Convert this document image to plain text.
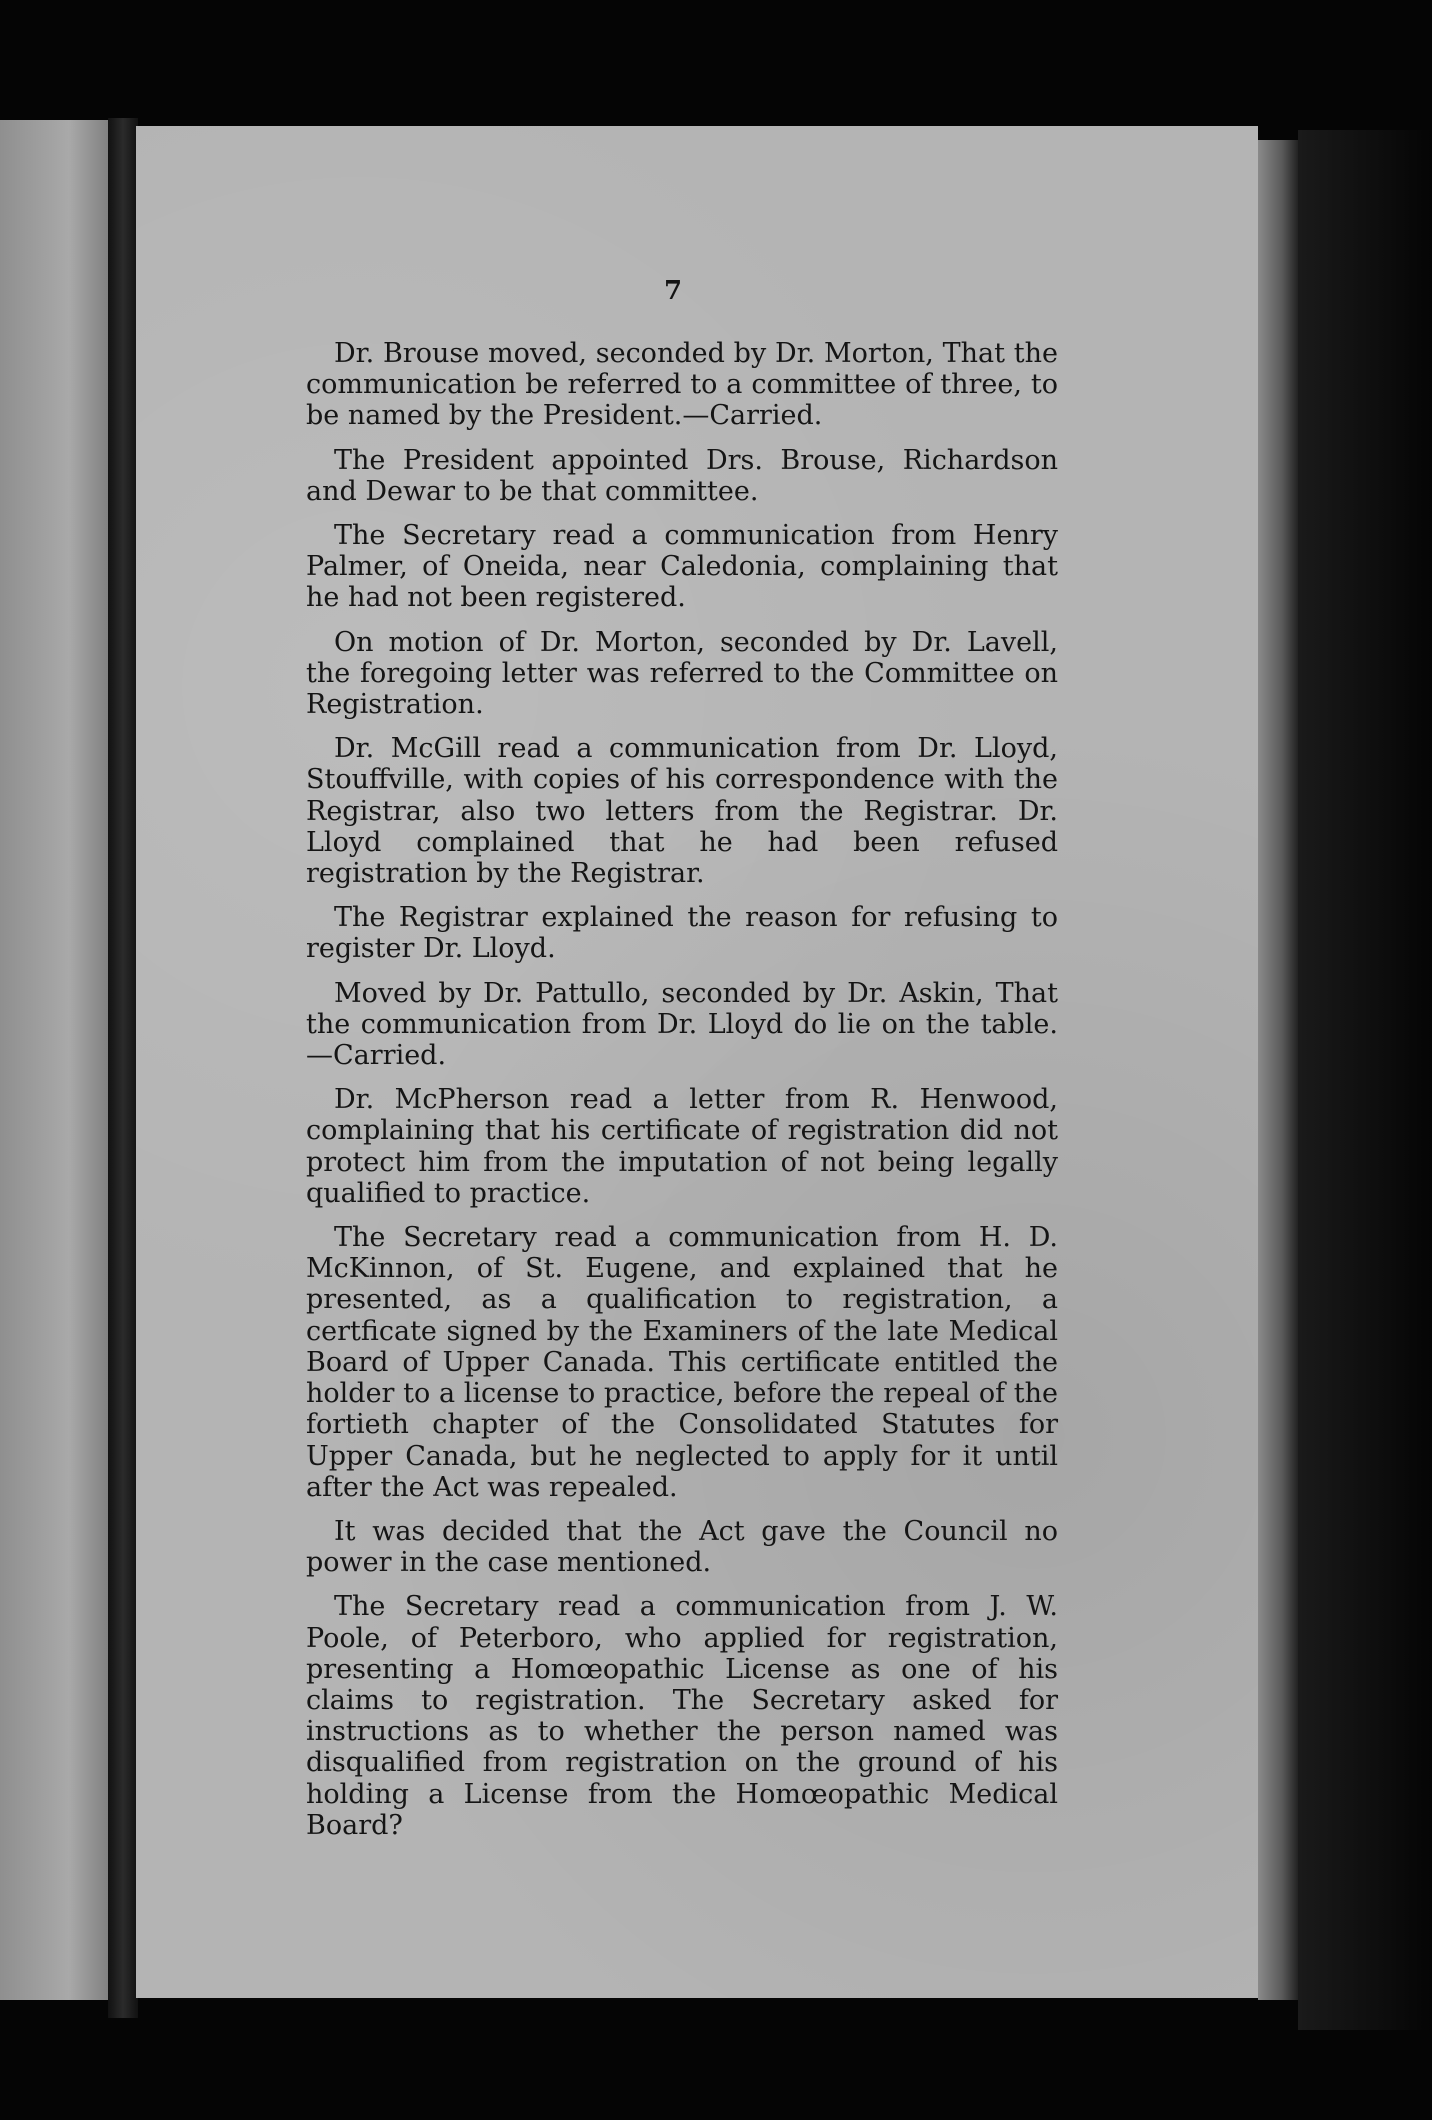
7

Dr. Brouse moved, seconded by Dr. Morton, That the communication be referred to a committee of three, to be named by the President.—Carried.

The President appointed Drs. Brouse, Richardson and Dewar to be that committee.

The Secretary read a communication from Henry Palmer, of Oneida, near Caledonia, complaining that he had not been registered.

On motion of Dr. Morton, seconded by Dr. Lavell, the foregoing letter was referred to the Committee on Registration.

Dr. McGill read a communication from Dr. Lloyd, Stouffville, with copies of his correspondence with the Registrar, also two letters from the Registrar. Dr. Lloyd complained that he had been refused registration by the Registrar.

The Registrar explained the reason for refusing to register Dr. Lloyd.

Moved by Dr. Pattullo, seconded by Dr. Askin, That the communication from Dr. Lloyd do lie on the table.—Carried.

Dr. McPherson read a letter from R. Henwood, complaining that his certificate of registration did not protect him from the imputation of not being legally qualified to practice.

The Secretary read a communication from H. D. McKinnon, of St. Eugene, and explained that he presented, as a qualification to registration, a certficate signed by the Examiners of the late Medical Board of Upper Canada. This certificate entitled the holder to a license to practice, before the repeal of the fortieth chapter of the Consolidated Statutes for Upper Canada, but he neglected to apply for it until after the Act was repealed.

It was decided that the Act gave the Council no power in the case mentioned.

The Secretary read a communication from J. W. Poole, of Peterboro, who applied for registration, presenting a Homœopathic License as one of his claims to registration. The Secretary asked for instructions as to whether the person named was disqualified from registration on the ground of his holding a License from the Homœopathic Medical Board?
